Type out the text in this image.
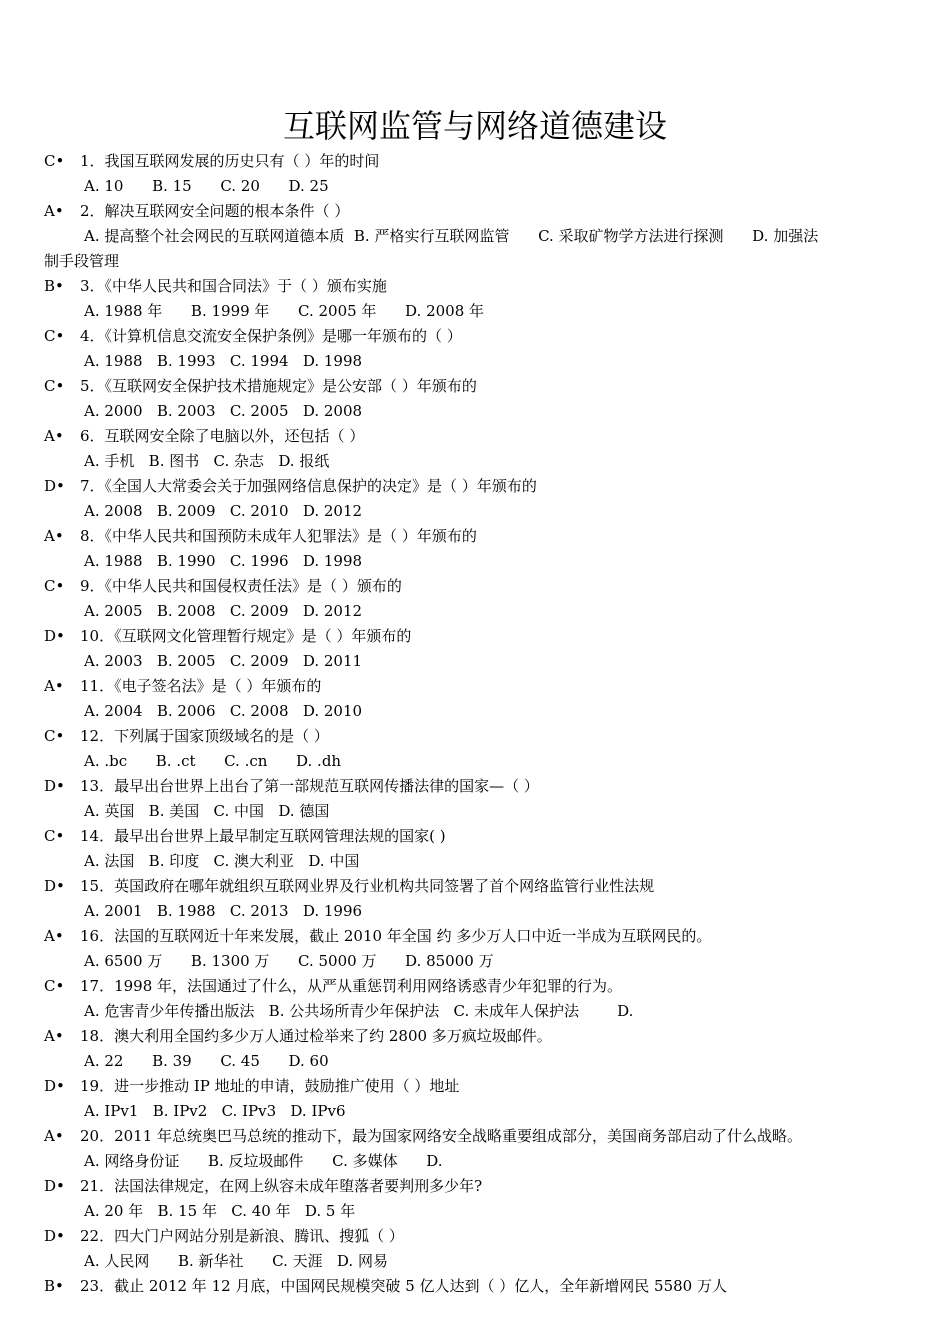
互联网监管与网络道德建设
C• 1．我国互联网发展的历史只有（ ）年的时间
A. 10      B. 15      C. 20      D. 25
A• 2．解决互联网安全问题的根本条件（ ）
A. 提高整个社会网民的互联网道德本质  B. 严格实行互联网监管      C. 采取矿物学方法进行探测      D. 加强法
制手段管理
B• 3．《中华人民共和国合同法》于（ ）颁布实施
A. 1988 年      B. 1999 年      C. 2005 年      D. 2008 年
C• 4．《计算机信息交流安全保护条例》是哪一年颁布的（ ）
A. 1988   B. 1993   C. 1994   D. 1998
C• 5．《互联网安全保护技术措施规定》是公安部（ ）年颁布的
A. 2000   B. 2003   C. 2005   D. 2008
A• 6．互联网安全除了电脑以外，还包括（ ）
A. 手机   B. 图书   C. 杂志   D. 报纸
D• 7．《全国人大常委会关于加强网络信息保护的决定》是（ ）年颁布的
A. 2008   B. 2009   C. 2010   D. 2012
A• 8．《中华人民共和国预防未成年人犯罪法》是（ ）年颁布的
A. 1988   B. 1990   C. 1996   D. 1998
C• 9．《中华人民共和国侵权责任法》是（ ）颁布的
A. 2005   B. 2008   C. 2009   D. 2012
D• 10．《互联网文化管理暂行规定》是（ ）年颁布的
A. 2003   B. 2005   C. 2009   D. 2011
A• 11．《电子签名法》是（ ）年颁布的
A. 2004   B. 2006   C. 2008   D. 2010
C• 12．下列属于国家顶级域名的是（ ）
A. .bc      B. .ct      C. .cn      D. .dh
D• 13．最早出台世界上出台了第一部规范互联网传播法律的国家—（ ）
A. 英国   B. 美国   C. 中国   D. 德国
C• 14．最早出台世界上最早制定互联网管理法规的国家( )
A. 法国   B. 印度   C. 澳大利亚   D. 中国
D• 15．英国政府在哪年就组织互联网业界及行业机构共同签署了首个网络监管行业性法规
A. 2001   B. 1988   C. 2013   D. 1996
A• 16．法国的互联网近十年来发展，截止 2010 年全国 约 多少万人口中近一半成为互联网民的。
A. 6500 万      B. 1300 万      C. 5000 万      D. 85000 万
C• 17．1998 年，法国通过了什么，从严从重惩罚利用网络诱惑青少年犯罪的行为。
A. 危害青少年传播出版法   B. 公共场所青少年保护法   C. 未成年人保护法        D.
A• 18．澳大利用全国约多少万人通过检举来了约 2800 多万疯垃圾邮件。
A. 22      B. 39      C. 45      D. 60
D• 19．进一步推动 IP 地址的申请，鼓励推广使用（ ）地址
A. IPv1   B. IPv2   C. IPv3   D. IPv6
A• 20．2011 年总统奥巴马总统的推动下，最为国家网络安全战略重要组成部分，美国商务部启动了什么战略。
A. 网络身份证      B. 反垃圾邮件      C. 多媒体      D.
D• 21．法国法律规定，在网上纵容未成年堕落者要判刑多少年?
A. 20 年   B. 15 年   C. 40 年   D. 5 年
D• 22．四大门户网站分别是新浪、腾讯、搜狐（ ）
A. 人民网      B. 新华社      C. 天涯   D. 网易
B• 23．截止 2012 年 12 月底，中国网民规模突破 5 亿人达到（ ）亿人，全年新增网民 5580 万人
